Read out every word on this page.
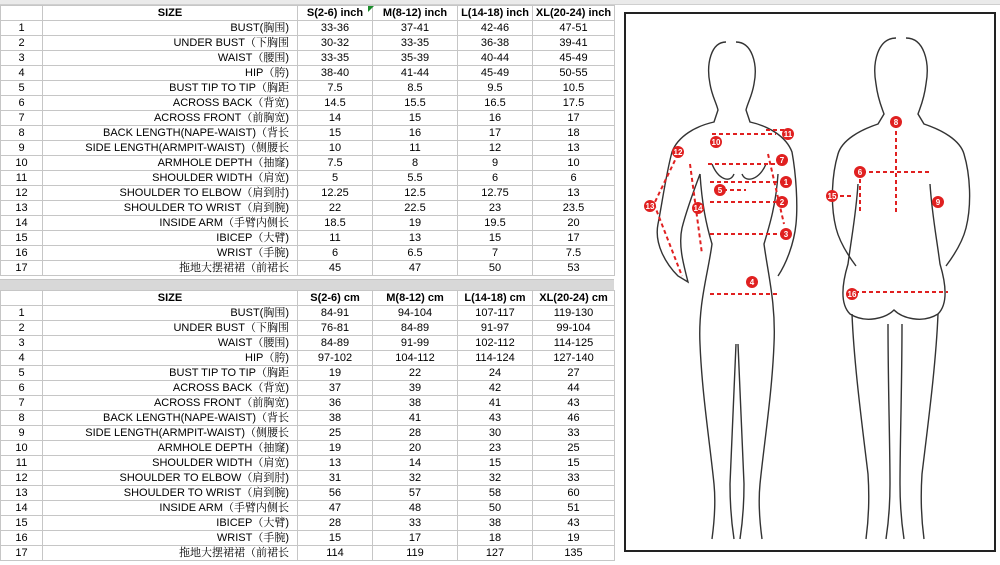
	SIZE	S(2-6) inch	M(8-12) inch	L(14-18) inch	XL(20-24) inch
1	BUST(胸围)	33-36	37-41	42-46	47-51
2	UNDER BUST（下胸围	30-32	33-35	36-38	39-41
3	WAIST（腰围)	33-35	35-39	40-44	45-49
4	HIP（胯)	38-40	41-44	45-49	50-55
5	BUST TIP TO TIP（胸距	7.5	8.5	9.5	10.5
6	ACROSS BACK（背宽)	14.5	15.5	16.5	17.5
7	ACROSS FRONT（前胸宽)	14	15	16	17
8	BACK LENGTH(NAPE-WAIST)（背长	15	16	17	18
9	SIDE LENGTH(ARMPIT-WAIST)（侧腰长	10	11	12	13
10	ARMHOLE DEPTH（抽窿)	7.5	8	9	10
11	SHOULDER WIDTH（肩宽)	5	5.5	6	6
12	SHOULDER TO ELBOW（肩到肘)	12.25	12.5	12.75	13
13	SHOULDER TO WRIST（肩到腕)	22	22.5	23	23.5
14	INSIDE ARM（手臂内侧长	18.5	19	19.5	20
15	IBICEP（大臂)	11	13	15	17
16	WRIST（手腕)	6	6.5	7	7.5
17	拖地大摆裙裙（前裙长	45	47	50	53
	SIZE	S(2-6) cm	M(8-12) cm	L(14-18) cm	XL(20-24) cm
1	BUST(胸围)	84-91	94-104	107-117	119-130
2	UNDER BUST（下胸围	76-81	84-89	91-97	99-104
3	WAIST（腰围)	84-89	91-99	102-112	114-125
4	HIP（胯)	97-102	104-112	114-124	127-140
5	BUST TIP TO TIP（胸距	19	22	24	27
6	ACROSS BACK（背宽)	37	39	42	44
7	ACROSS FRONT（前胸宽)	36	38	41	43
8	BACK LENGTH(NAPE-WAIST)（背长	38	41	43	46
9	SIDE LENGTH(ARMPIT-WAIST)（侧腰长	25	28	30	33
10	ARMHOLE DEPTH（抽窿)	19	20	23	25
11	SHOULDER WIDTH（肩宽)	13	14	15	15
12	SHOULDER TO ELBOW（肩到肘)	31	32	32	33
13	SHOULDER TO WRIST（肩到腕)	56	57	58	60
14	INSIDE ARM（手臂内侧长	47	48	50	51
15	IBICEP（大臂)	28	33	38	43
16	WRIST（手腕)	15	17	18	19
17	拖地大摆裙裙（前裙长	114	119	127	135
1
2
3
4
5
7
10
11
12
13	14
6
8
9
15
16
